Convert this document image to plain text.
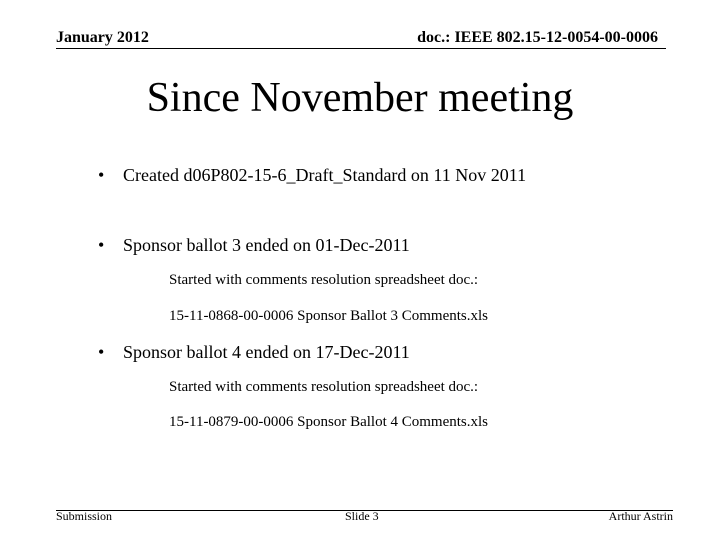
January 2012	doc.: IEEE 802.15-12-0054-00-0006
Since November meeting
• Created d06P802-15-6_Draft_Standard on 11 Nov 2011
• Sponsor ballot 3 ended on 01-Dec-2011
Started with comments resolution spreadsheet doc.:
15-11-0868-00-0006 Sponsor Ballot 3 Comments.xls
• Sponsor ballot 4 ended on 17-Dec-2011
Started with comments resolution spreadsheet doc.:
15-11-0879-00-0006 Sponsor Ballot 4 Comments.xls
Submission	Slide 3	Arthur Astrin
